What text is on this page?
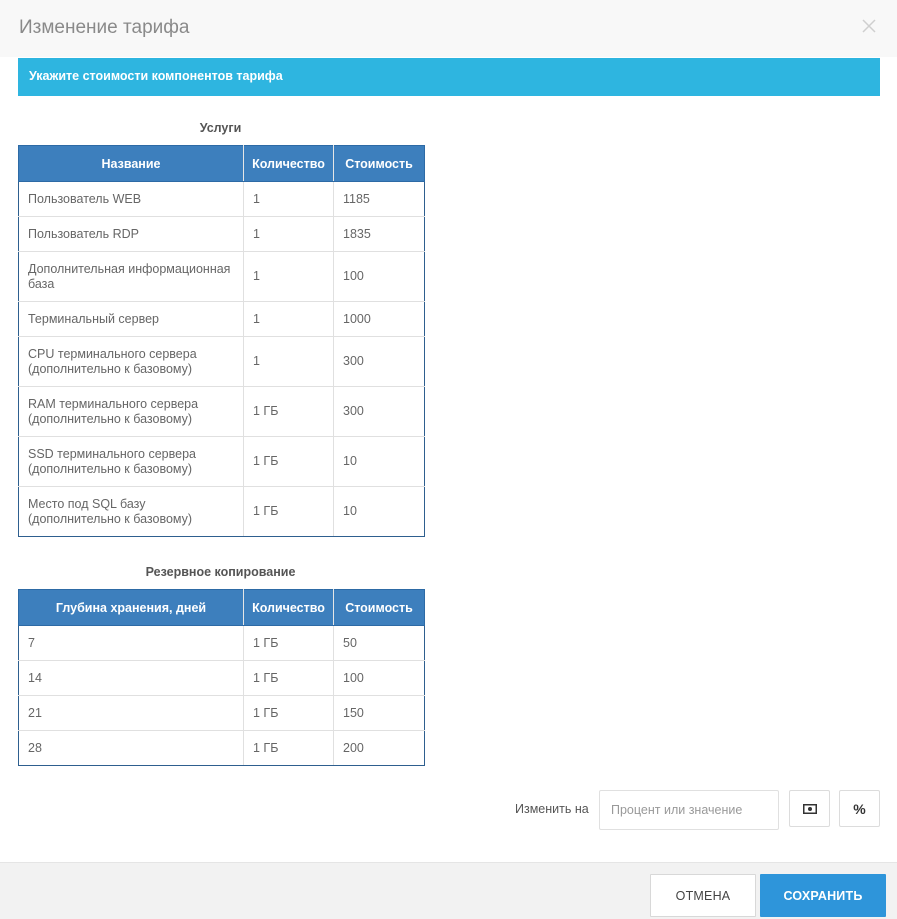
Изменение тарифа
Укажите стоимости компонентов тарифа
Услуги
Название	Количество	Стоимость
Пользователь WEB	1	1185
Пользователь RDP	1	1835
Дополнительная информационная база	1	100
Терминальный сервер	1	1000
CPU терминального сервера (дополнительно к базовому)	1	300
RAM терминального сервера (дополнительно к базовому)	1 ГБ	300
SSD терминального сервера (дополнительно к базовому)	1 ГБ	10
Место под SQL базу (дополнительно к базовому)	1 ГБ	10
Резервное копирование
Глубина хранения, дней	Количество	Стоимость
7	1 ГБ	50
14	1 ГБ	100
21	1 ГБ	150
28	1 ГБ	200
Изменить на
Процент или значение	%
ОТМЕНА	СОХРАНИТЬ
